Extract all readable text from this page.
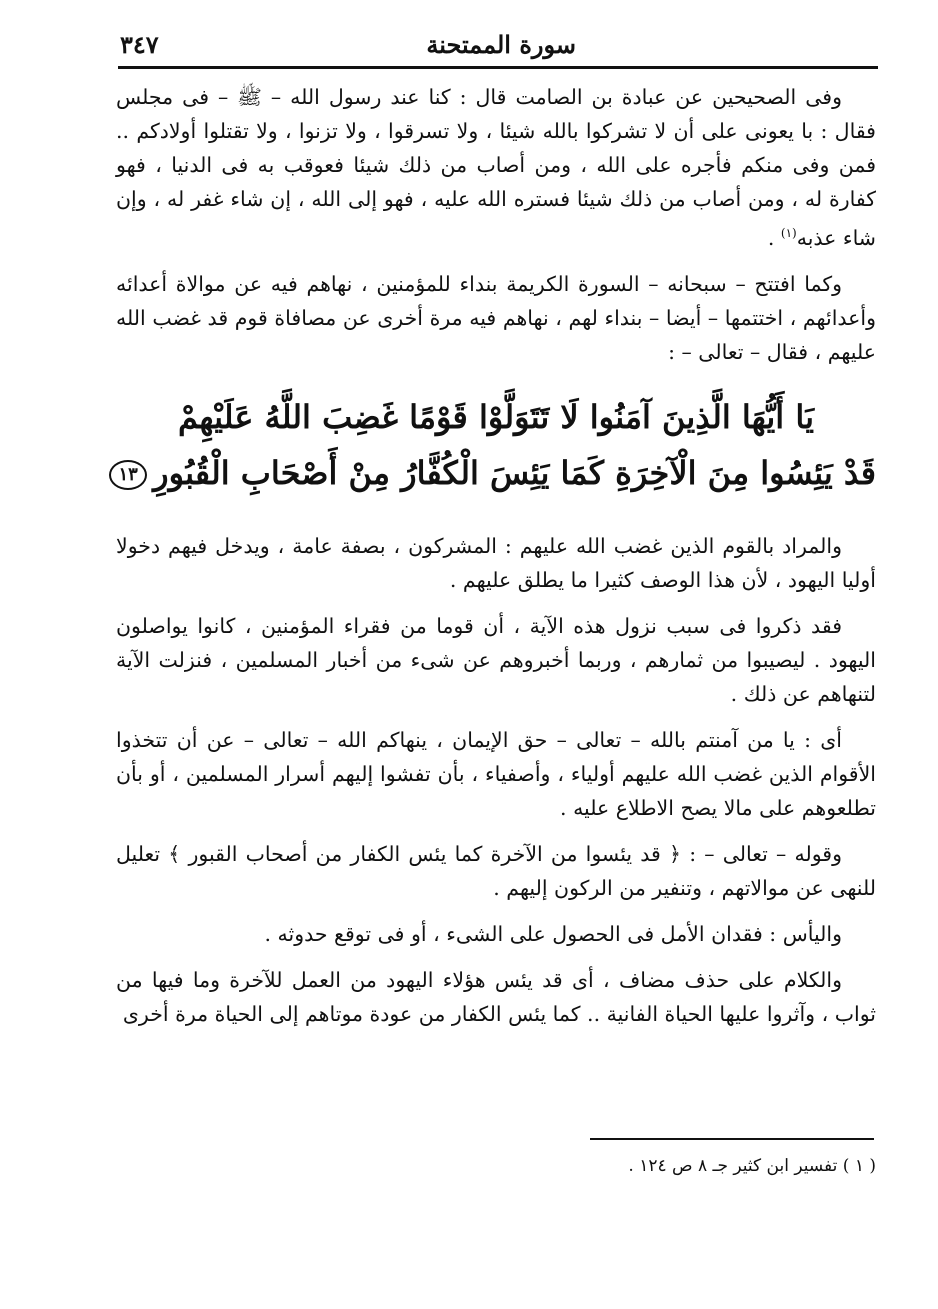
سورة الممتحنة
٣٤٧

وفى الصحيحين عن عبادة بن الصامت قال : كنا عند رسول الله – ﷺ – فى مجلس فقال : با يعونى على أن لا تشركوا بالله شيئا ، ولا تسرقوا ، ولا تزنوا ، ولا تقتلوا أولادكم .. فمن وفى منكم فأجره على الله ، ومن أصاب من ذلك شيئا فعوقب به فى الدنيا ، فهو كفارة له ، ومن أصاب من ذلك شيئا فستره الله عليه ، فهو إلى الله ، إن شاء غفر له ، وإن شاء عذبه$^{(١)}$ .

وكما افتتح – سبحانه – السورة الكريمة بنداء للمؤمنين ، نهاهم فيه عن موالاة أعدائه وأعدائهم ، اختتمها – أيضا – بنداء لهم ، نهاهم فيه مرة أخرى عن مصافاة قوم قد غضب الله عليهم ، فقال – تعالى – :

يَا أَيُّهَا الَّذِينَ آمَنُوا لَا تَتَوَلَّوْا قَوْمًا غَضِبَ اللَّهُ عَلَيْهِمْ
قَدْ يَئِسُوا مِنَ الْآخِرَةِ كَمَا يَئِسَ الْكُفَّارُ مِنْ أَصْحَابِ الْقُبُورِ١٣

والمراد بالقوم الذين غضب الله عليهم : المشركون ، بصفة عامة ، ويدخل فيهم دخولا أوليا اليهود ، لأن هذا الوصف كثيرا ما يطلق عليهم .

فقد ذكروا فى سبب نزول هذه الآية ، أن قوما من فقراء المؤمنين ، كانوا يواصلون اليهود . ليصيبوا من ثمارهم ، وربما أخبروهم عن شىء من أخبار المسلمين ، فنزلت الآية لتنهاهم عن ذلك .

أى : يا من آمنتم بالله – تعالى – حق الإيمان ، ينهاكم الله – تعالى – عن أن تتخذوا الأقوام الذين غضب الله عليهم أولياء ، وأصفياء ، بأن تفشوا إليهم أسرار المسلمين ، أو بأن تطلعوهم على مالا يصح الاطلاع عليه .

وقوله – تعالى – : ﴿ قد يئسوا من الآخرة كما يئس الكفار من أصحاب القبور ﴾ تعليل للنهى عن موالاتهم ، وتنفير من الركون إليهم .

واليأس : فقدان الأمل فى الحصول على الشىء ، أو فى توقع حدوثه .

والكلام على حذف مضاف ، أى قد يئس هؤلاء اليهود من العمل للآخرة وما فيها من ثواب ، وآثروا عليها الحياة الفانية .. كما يئس الكفار من عودة موتاهم إلى الحياة مرة أخرى

( ١ ) تفسير ابن كثير جـ ٨ ص ١٢٤ .
